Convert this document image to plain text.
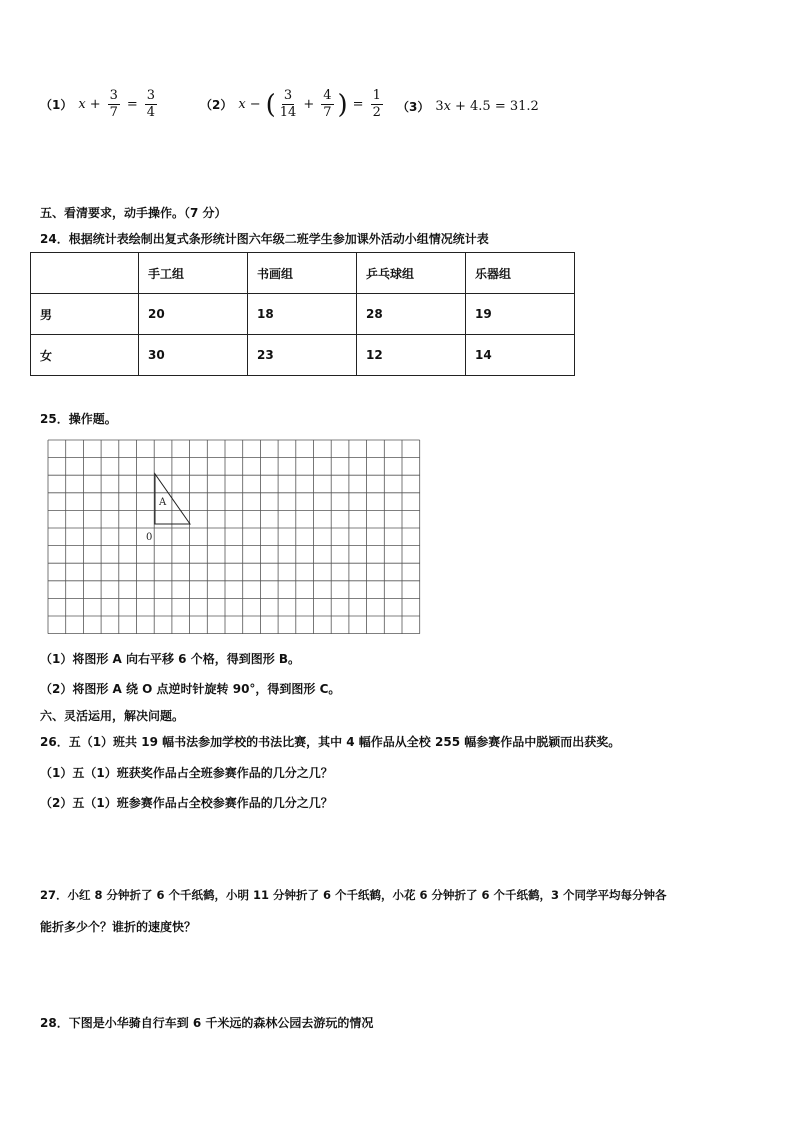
（1） $x + \frac{3}{7} = \frac{3}{4}$	（2） x − ( $\frac{3}{14} + \frac{4}{7}$ ) = $\frac{1}{2} (3)$ 3 x + 4.5 = 31.2
五、看清要求，动手操作。（7 分）
24．根据统计表绘制出复式条形统计图六年级二班学生参加课外活动小组情况统计表
	手工组	书画组	乒乓球组	乐器组
男	20	18	28	19
女	30	23	12	14
25．操作题。
A
0
（1）将图形 A 向右平移 6 个格，得到图形 B。
（2）将图形 A 绕 O 点逆时针旋转 90°，得到图形 C。
六、灵活运用，解决问题。
26．五（1）班共 19 幅书法参加学校的书法比赛，其中 4 幅作品从全校 255 幅参赛作品中脱颖而出获奖。
（1）五（1）班获奖作品占全班参赛作品的几分之几？
（2）五（1）班参赛作品占全校参赛作品的几分之几？
27．小红 8 分钟折了 6 个千纸鹤，小明 11 分钟折了 6 个千纸鹤，小花 6 分钟折了 6 个千纸鹤，3 个同学平均每分钟各
能折多少个？谁折的速度快？
28．下图是小华骑自行车到 6 千米远的森林公园去游玩的情况
